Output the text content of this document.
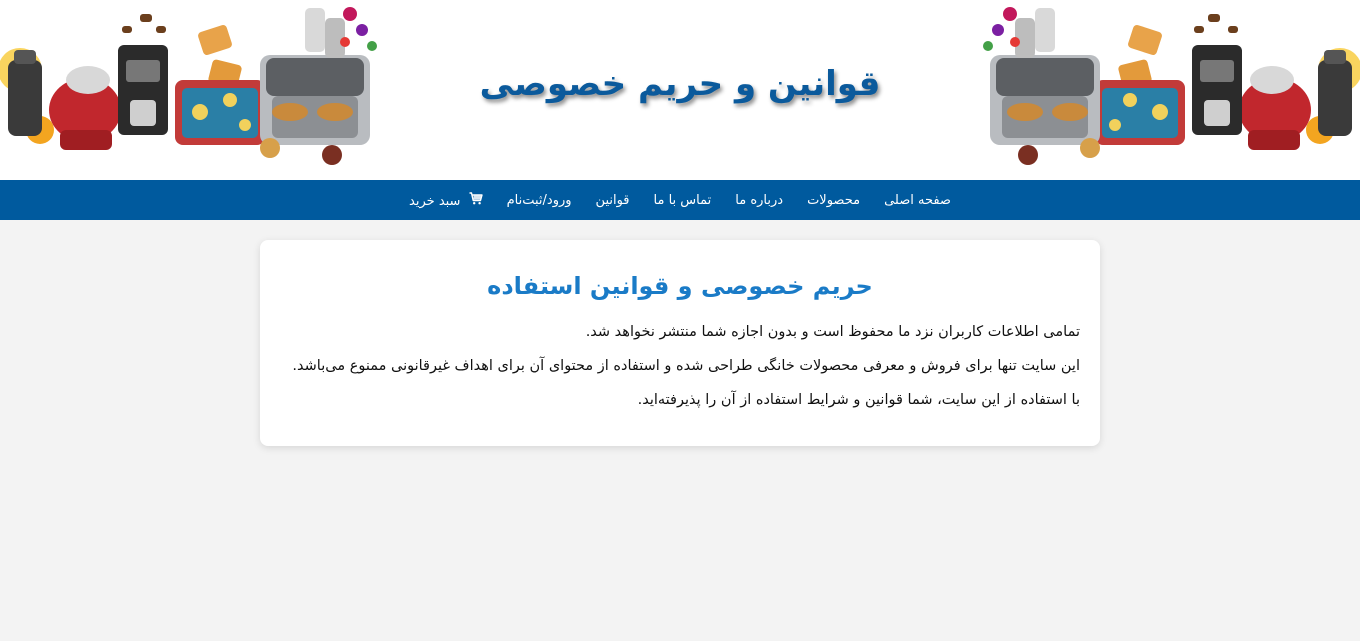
قوانین و حریم خصوصی
صفحه اصلی
محصولات
درباره ما
تماس با ما
قوانین
ورود/ثبت‌نام
سبد خرید
حریم خصوصی و قوانین استفاده

تمامی اطلاعات کاربران نزد ما محفوظ است و بدون اجازه شما منتشر نخواهد شد.

این سایت تنها برای فروش و معرفی محصولات خانگی طراحی شده و استفاده از محتوای آن برای اهداف غیرقانونی ممنوع می‌باشد.

با استفاده از این سایت، شما قوانین و شرایط استفاده از آن را پذیرفته‌اید.
